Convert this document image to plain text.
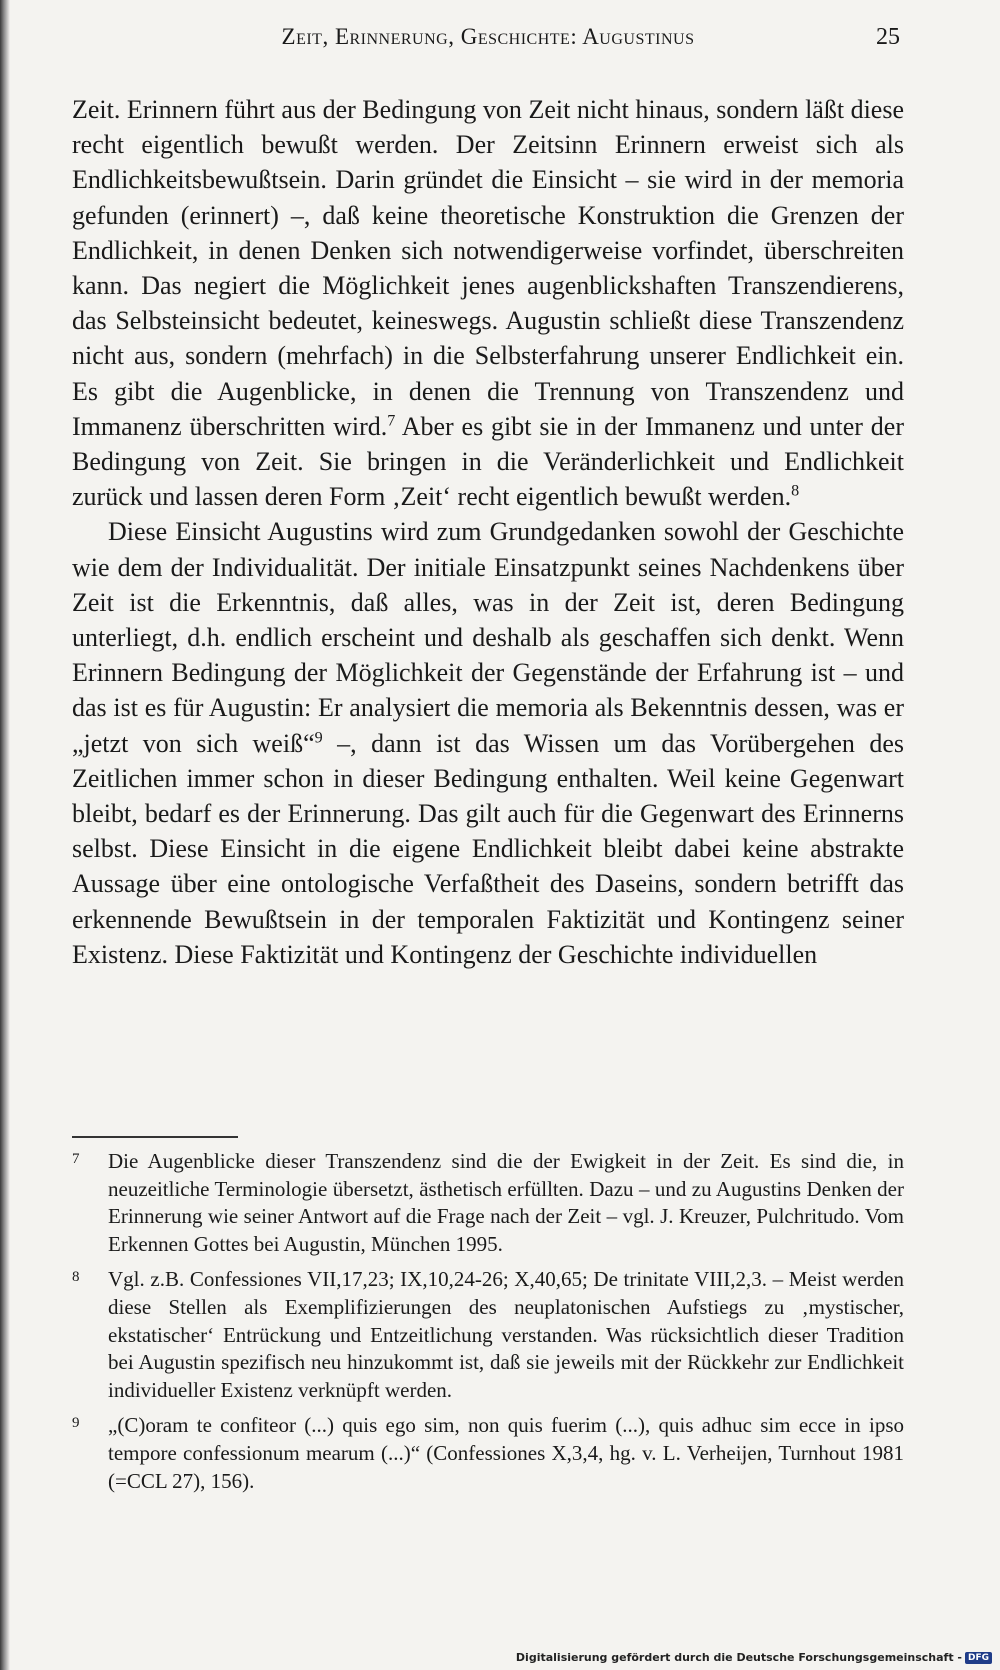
Zeit, Erinnerung, Geschichte: Augustinus	25

Zeit. Erinnern führt aus der Bedingung von Zeit nicht hinaus, sondern läßt diese recht eigentlich bewußt werden. Der Zeitsinn Erinnern erweist sich als Endlichkeitsbewußtsein. Darin gründet die Einsicht – sie wird in der memoria gefunden (erinnert) –, daß keine theoretische Konstruktion die Grenzen der Endlichkeit, in denen Denken sich notwendigerweise vorfindet, überschreiten kann. Das negiert die Möglichkeit jenes augenblickshaften Transzendierens, das Selbsteinsicht bedeutet, keineswegs. Augustin schließt diese Transzendenz nicht aus, sondern (mehrfach) in die Selbsterfahrung unserer Endlichkeit ein. Es gibt die Augenblicke, in denen die Trennung von Transzendenz und Immanenz überschritten wird.$^7$ Aber es gibt sie in der Immanenz und unter der Bedingung von Zeit. Sie bringen in die Veränderlichkeit und Endlichkeit zurück und lassen deren Form ‚Zeit‘ recht eigentlich bewußt werden.$^8$

Diese Einsicht Augustins wird zum Grundgedanken sowohl der Geschichte wie dem der Individualität. Der initiale Einsatzpunkt seines Nachdenkens über Zeit ist die Erkenntnis, daß alles, was in der Zeit ist, deren Bedingung unterliegt, d.h. endlich erscheint und deshalb als geschaffen sich denkt. Wenn Erinnern Bedingung der Möglichkeit der Gegenstände der Erfahrung ist – und das ist es für Augustin: Er analysiert die memoria als Bekenntnis dessen, was er „jetzt von sich weiß“$^9$ –, dann ist das Wissen um das Vorübergehen des Zeitlichen immer schon in dieser Bedingung enthalten. Weil keine Gegenwart bleibt, bedarf es der Erinnerung. Das gilt auch für die Gegenwart des Erinnerns selbst. Diese Einsicht in die eigene Endlichkeit bleibt dabei keine abstrakte Aussage über eine ontologische Verfaßtheit des Daseins, sondern betrifft das erkennende Bewußtsein in der temporalen Faktizität und Kontingenz seiner Existenz. Diese Faktizität und Kontingenz der Geschichte individuellen

7 Die Augenblicke dieser Transzendenz sind die der Ewigkeit in der Zeit. Es sind die, in neuzeitliche Terminologie übersetzt, ästhetisch erfüllten. Dazu – und zu Augustins Denken der Erinnerung wie seiner Antwort auf die Frage nach der Zeit – vgl. J. Kreuzer, Pulchritudo. Vom Erkennen Gottes bei Augustin, München 1995.
8 Vgl. z.B. Confessiones VII,17,23; IX,10,24-26; X,40,65; De trinitate VIII,2,3. – Meist werden diese Stellen als Exemplifizierungen des neuplatonischen Aufstiegs zu ‚mystischer, ekstatischer‘ Entrückung und Entzeitlichung verstanden. Was rücksichtlich dieser Tradition bei Augustin spezifisch neu hinzukommt ist, daß sie jeweils mit der Rückkehr zur Endlichkeit individueller Existenz verknüpft werden.
9 „(C)oram te confiteor (...) quis ego sim, non quis fuerim (...), quis adhuc sim ecce in ipso tempore confessionum mearum (...)“ (Confessiones X,3,4, hg. v. L. Verheijen, Turnhout 1981 (=CCL 27), 156).
Digitalisierung gefördert durch die Deutsche Forschungsgemeinschaft - DFG
